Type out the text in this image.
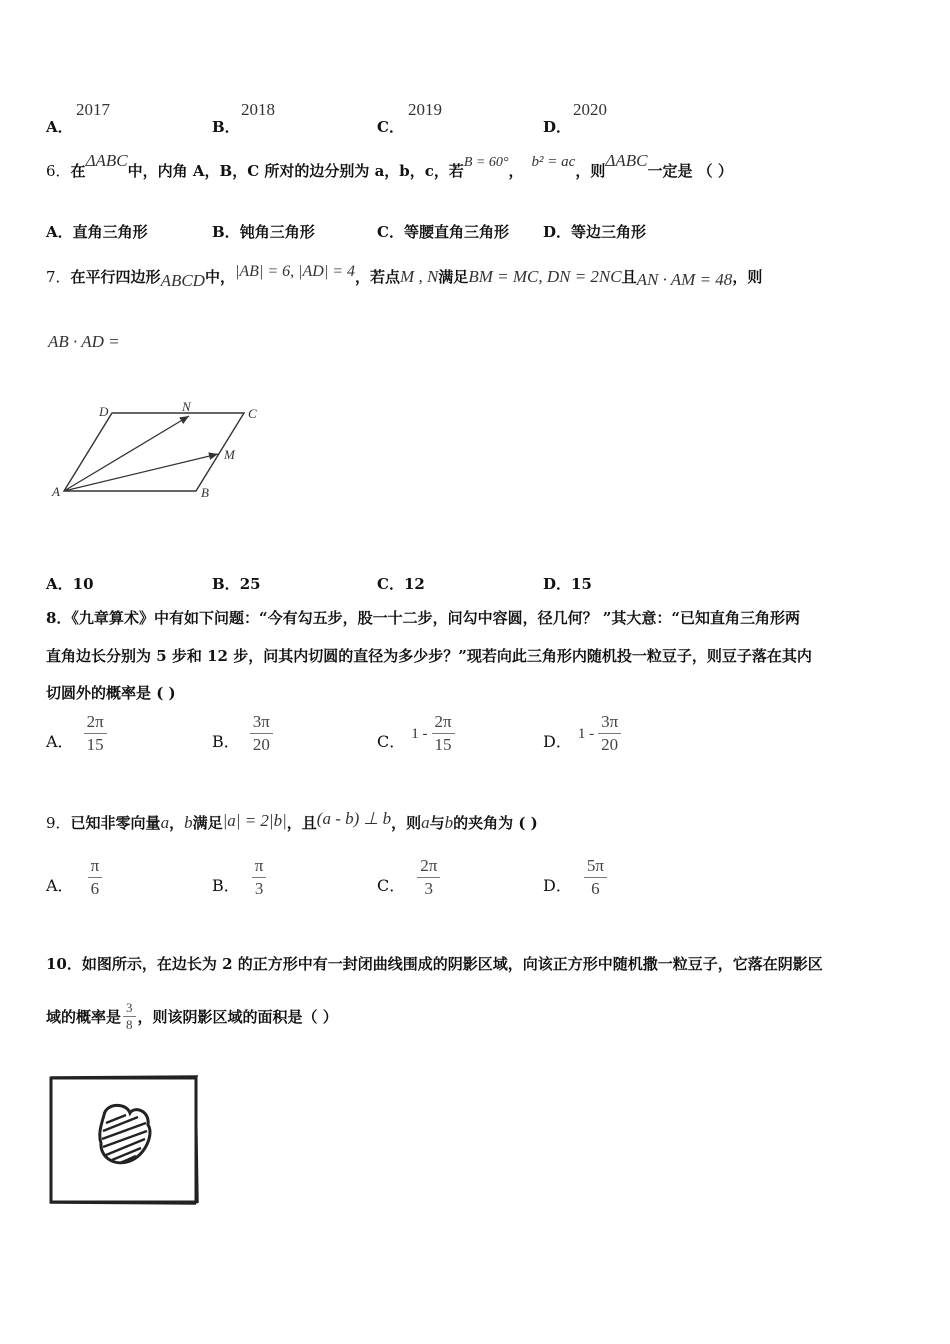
A．
2017
B．
2018
C．
2019
D．
2020
6．在ΔABC中，内角 A，B，C 所对的边分别为 a，b，c，若B = 60°， b² = ac，则ΔABC一定是 （ ）
A．直角三角形	B．钝角三角形	C．等腰直角三角形 D．等边三角形
7．在平行四边形ABCD中，|AB| = 6, |AD| = 4，若点M , N满足BM = MC, DN = 2NC且AN · AM = 48，则
AB · AD =
A	B
C
D
M
N
A．10	B．25	C．12	D．15
8．《九章算术》中有如下问题：“今有勾五步，股一十二步，问勾中容圆，径几何？ ”其大意：“已知直角三角形两
直角边长分别为 5 步和 12 步，问其内切圆的直径为多少步？”现若向此三角形内随机投一粒豆子，则豆子落在其内
切圆外的概率是 ( )
A． $\frac{2\pi}{15}$	B． $\frac{3\pi}{20}$	C． $1 - \frac{2\pi}{15}$	D． $1 - \frac{3\pi}{20}$
9．已知非零向量a，b满足|a| = 2|b|，且(a - b) ⊥ b，则a与b的夹角为 ( )
A． $\frac{\pi}{6}$	B． $\frac{\pi}{3}$	C． $\frac{2\pi}{3}$	D． $\frac{5\pi}{6}$
10．如图所示，在边长为 2 的正方形中有一封闭曲线围成的阴影区域，向该正方形中随机撒一粒豆子，它落在阴影区
域的概率是 $\frac{3}{8}$ ，则该阴影区域的面积是（ ）
